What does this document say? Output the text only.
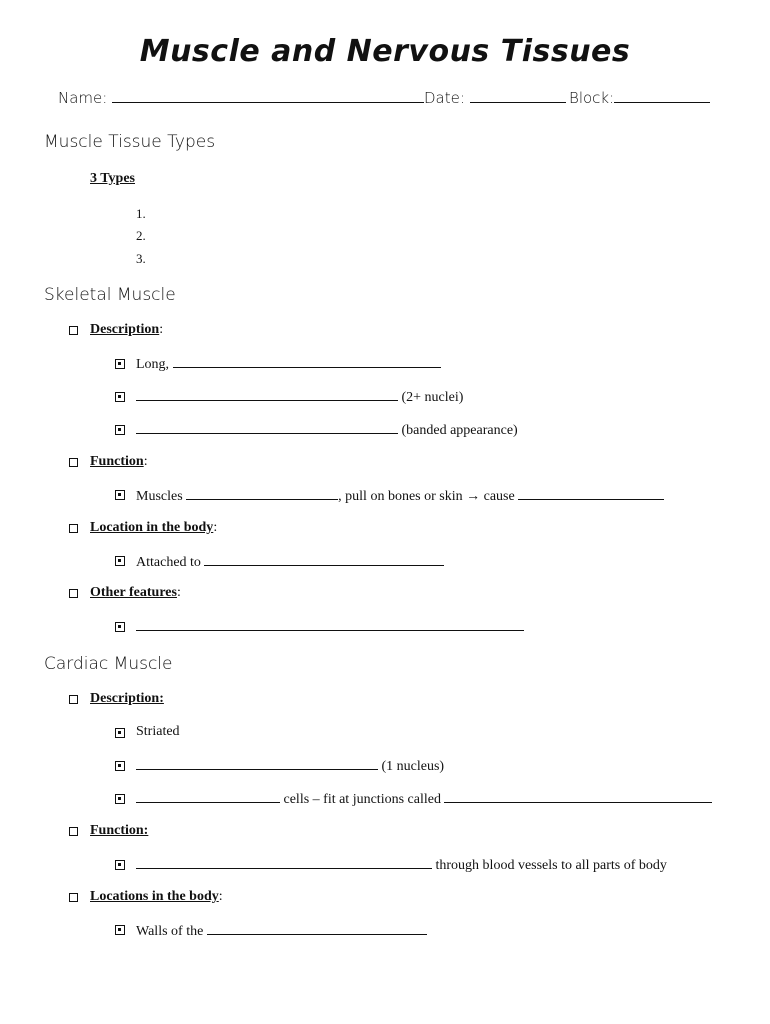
Muscle and Nervous Tissues
Name:	Date:	Block:
Muscle Tissue Types
3 Types
1.
2.
3.
Skeletal Muscle
Description:
Long,
(2+ nuclei)
(banded appearance)
Function:
Muscles	, pull on bones or skin → cause
Location in the body:
Attached to
Other features:
Cardiac Muscle
Description:
Striated
(1 nucleus)
cells – fit at junctions called
Function:
through blood vessels to all parts of body
Locations in the body:
Walls of the
